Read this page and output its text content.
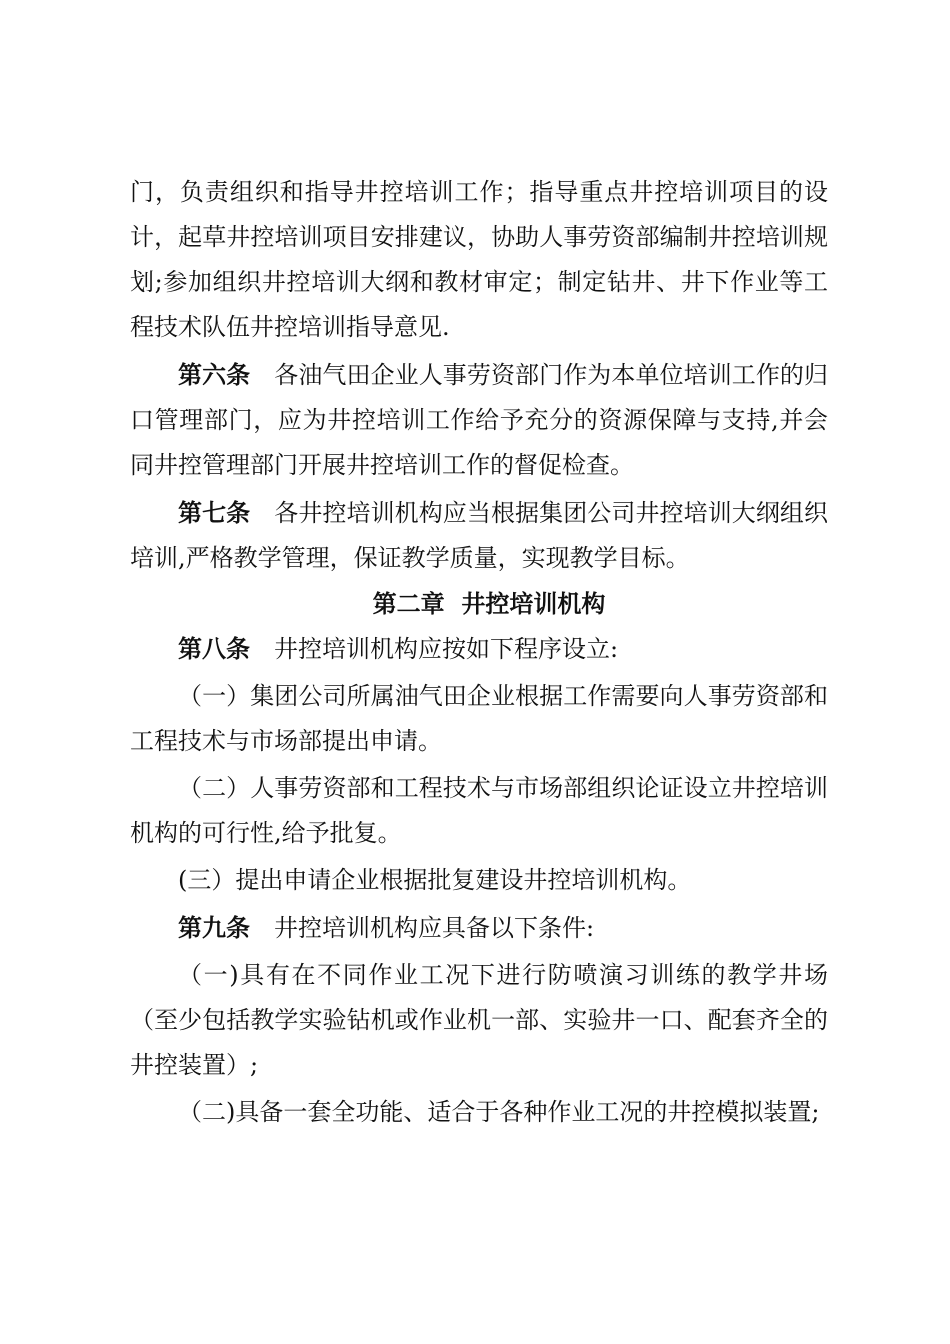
门，负责组织和指导井控培训工作；指导重点井控培训项目的设计，起草井控培训项目安排建议，协助人事劳资部编制井控培训规划;参加组织井控培训大纲和教材审定；制定钻井、井下作业等工程技术队伍井控培训指导意见.

第六条 各油气田企业人事劳资部门作为本单位培训工作的归口管理部门，应为井控培训工作给予充分的资源保障与支持,并会同井控管理部门开展井控培训工作的督促检查。

第七条 各井控培训机构应当根据集团公司井控培训大纲组织培训,严格教学管理，保证教学质量，实现教学目标。

第二章  井控培训机构

第八条 井控培训机构应按如下程序设立:

（一）集团公司所属油气田企业根据工作需要向人事劳资部和工程技术与市场部提出申请。

（二）人事劳资部和工程技术与市场部组织论证设立井控培训机构的可行性,给予批复。

(三）提出申请企业根据批复建设井控培训机构。

第九条 井控培训机构应具备以下条件:

（一)具有在不同作业工况下进行防喷演习训练的教学井场（至少包括教学实验钻机或作业机一部、实验井一口、配套齐全的井控装置）;

（二)具备一套全功能、适合于各种作业工况的井控模拟装置;
